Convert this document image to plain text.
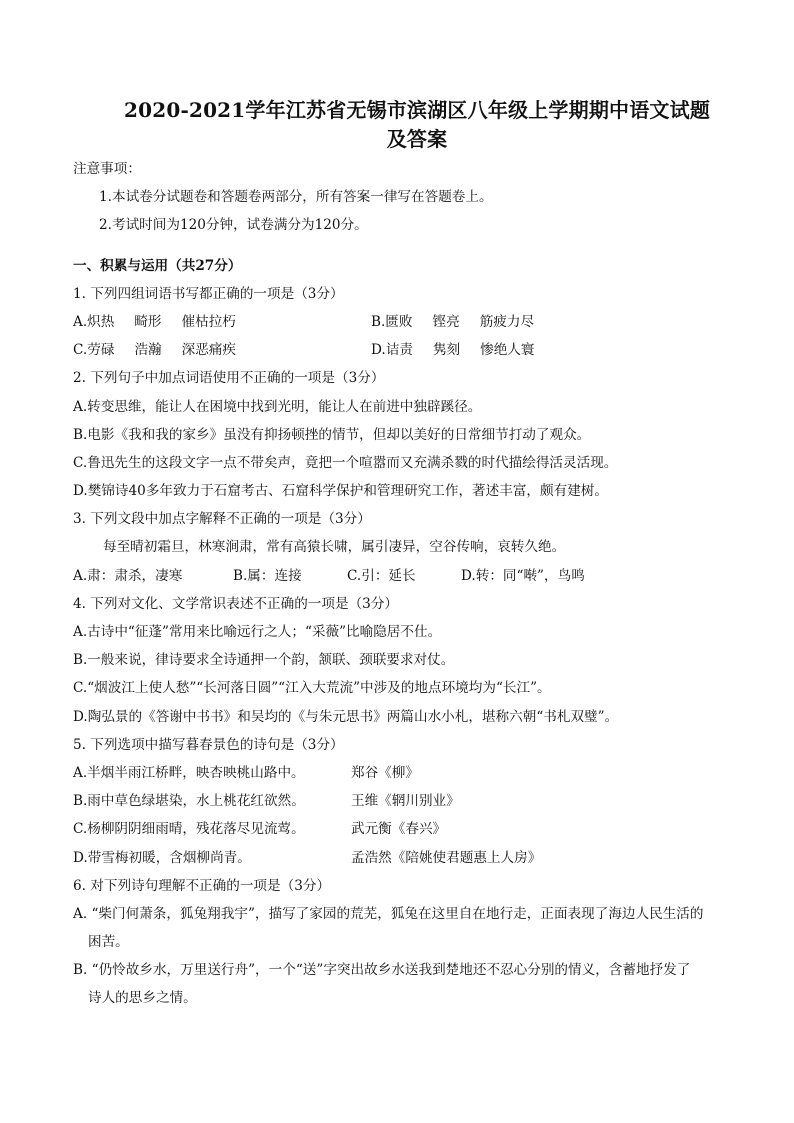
2020-2021学年江苏省无锡市滨湖区八年级上学期期中语文试题
及答案
注意事项：
1.本试卷分试题卷和答题卷两部分，所有答案一律写在答题卷上。
2.考试时间为120分钟，试卷满分为120分。
一、积累与运用（共27分）
1. 下列四组词语书写都正确的一项是（3分）
A.炽热 畸形 催枯拉朽	B.匮败 铿亮 筋疲力尽
C.劳碌 浩瀚 深恶痛疾	D.诘责 隽刻 惨绝人寰
2. 下列句子中加点词语使用不正确的一项是（3分）
A.转变思维，能让人在困境中找到光明，能让人在前进中独辟蹊径。
B.电影《我和我的家乡》虽没有抑扬顿挫的情节，但却以美好的日常细节打动了观众。
C.鲁迅先生的这段文字一点不带矣声，竟把一个喧嚣而又充满杀戮的时代描绘得活灵活现。
D.樊锦诗40多年致力于石窟考古、石窟科学保护和管理研究工作，著述丰富，颇有建树。
3. 下列文段中加点字解释不正确的一项是（3分）
每至晴初霜旦，林寒涧肃，常有高猿长啸，属引凄异，空谷传响，哀转久绝。
A.肃：肃杀，凄寒	B.属：连接	C.引：延长	D.转：同“啭”，鸟鸣
4. 下列对文化、文学常识表述不正确的一项是（3分）
A.古诗中“征蓬”常用来比喻远行之人；“采薇”比喻隐居不仕。
B.一般来说，律诗要求全诗通押一个韵，颔联、颈联要求对仗。
C.“烟波江上使人愁”“长河落日圆”“江入大荒流”中涉及的地点环境均为“长江”。
D.陶弘景的《答谢中书书》和吴均的《与朱元思书》两篇山水小札，堪称六朝“书札双璧”。
5. 下列选项中描写暮春景色的诗句是（3分）
A.半烟半雨江桥畔，映杏映桃山路中。	郑谷《柳》
B.雨中草色绿堪染，水上桃花红欲然。	王维《辋川别业》
C.杨柳阴阴细雨晴，残花落尽见流莺。	武元衡《春兴》
D.带雪梅初暖，含烟柳尚青。	孟浩然《陪姚使君题惠上人房》
6. 对下列诗句理解不正确的一项是（3分）
A. “柴门何萧条，狐兔翔我宇”，描写了家园的荒芜，狐兔在这里自在地行走，正面表现了海边人民生活的
困苦。
B. “仍怜故乡水，万里送行舟”，一个“送”字突出故乡水送我到楚地还不忍心分别的情义，含蓄地抒发了
诗人的思乡之情。
